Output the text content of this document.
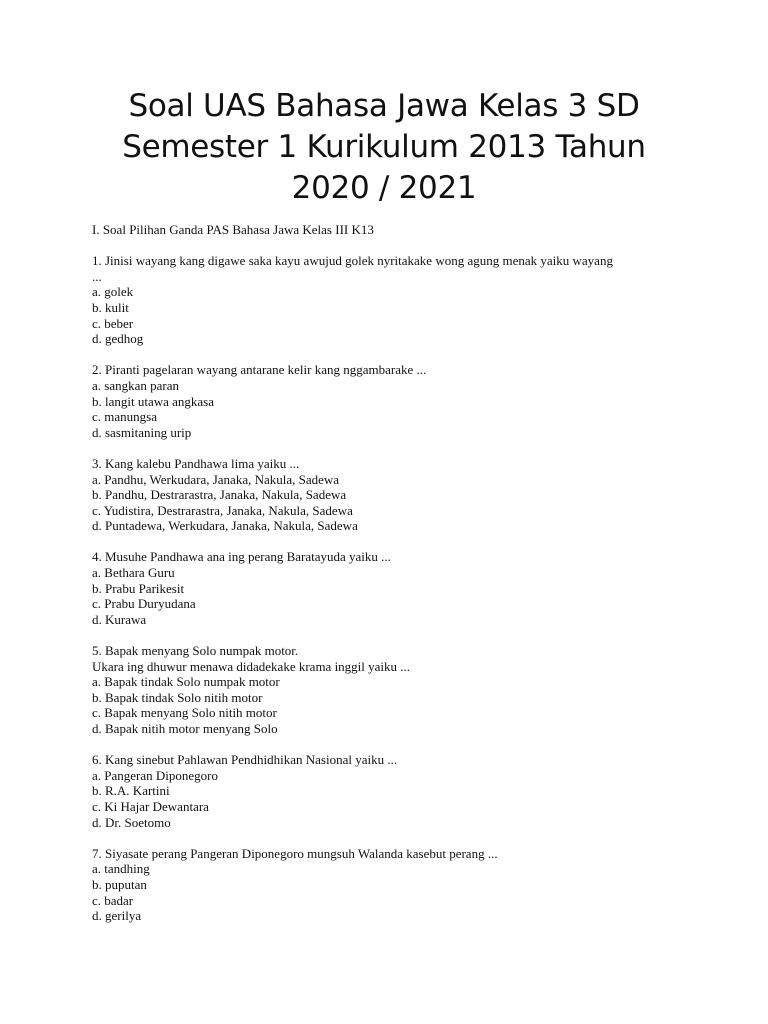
Soal UAS Bahasa Jawa Kelas 3 SD
Semester 1 Kurikulum 2013 Tahun
2020 / 2021

I. Soal Pilihan Ganda PAS Bahasa Jawa Kelas III K13

1. Jinisi wayang kang digawe saka kayu awujud golek nyritakake wong agung menak yaiku wayang
...
a. golek
b. kulit
c. beber
d. gedhog
2. Piranti pagelaran wayang antarane kelir kang nggambarake ...
a. sangkan paran
b. langit utawa angkasa
c. manungsa
d. sasmitaning urip
3. Kang kalebu Pandhawa lima yaiku ...
a. Pandhu, Werkudara, Janaka, Nakula, Sadewa
b. Pandhu, Destrarastra, Janaka, Nakula, Sadewa
c. Yudistira, Destrarastra, Janaka, Nakula, Sadewa
d. Puntadewa, Werkudara, Janaka, Nakula, Sadewa
4. Musuhe Pandhawa ana ing perang Baratayuda yaiku ...
a. Bethara Guru
b. Prabu Parikesit
c. Prabu Duryudana
d. Kurawa
5. Bapak menyang Solo numpak motor.
Ukara ing dhuwur menawa didadekake krama inggil yaiku ...
a. Bapak tindak Solo numpak motor
b. Bapak tindak Solo nitih motor
c. Bapak menyang Solo nitih motor
d. Bapak nitih motor menyang Solo
6. Kang sinebut Pahlawan Pendhidhikan Nasional yaiku ...
a. Pangeran Diponegoro
b. R.A. Kartini
c. Ki Hajar Dewantara
d. Dr. Soetomo
7. Siyasate perang Pangeran Diponegoro mungsuh Walanda kasebut perang ...
a. tandhing
b. puputan
c. badar
d. gerilya
